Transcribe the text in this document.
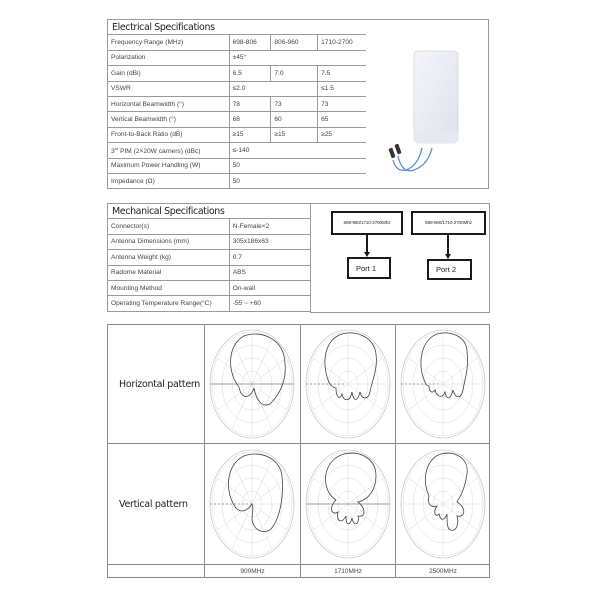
Electrical Specifications			
Frequency Range (MHz)	698-806	806-960	1710-2700
Polarization	±45°		
Gain (dBi)	6.5	7.0	7.5
VSWR	≤2.0		≤1.5
Horizontal Beamwidth (°)	78	73	73
Vertical Beamwidth (°)	68	60	65
Front-to-Back Ratio (dB)	≥15	≥15	≥25
3rd PIM (2×20W carriers) (dBc)	≤-140		
Maximum Power Handling (W)	50		
Impedance (Ω)	50		
Mechanical Specifications	
Connector(s)	N-Female×2
Antenna Dimensions (mm)	305x186x63
Antenna Weight (kg)	0.7
Radome Material	ABS
Mounting Method	On-wall
Operating Temperature Range(°C)	-55 ~ +60
698-960/1710-2700Mhz
Port 1
698-960/1710-2700Mhz
Port 2
Horizontal pattern
Vertical pattern
900MHz	1710MHz	2500MHz
